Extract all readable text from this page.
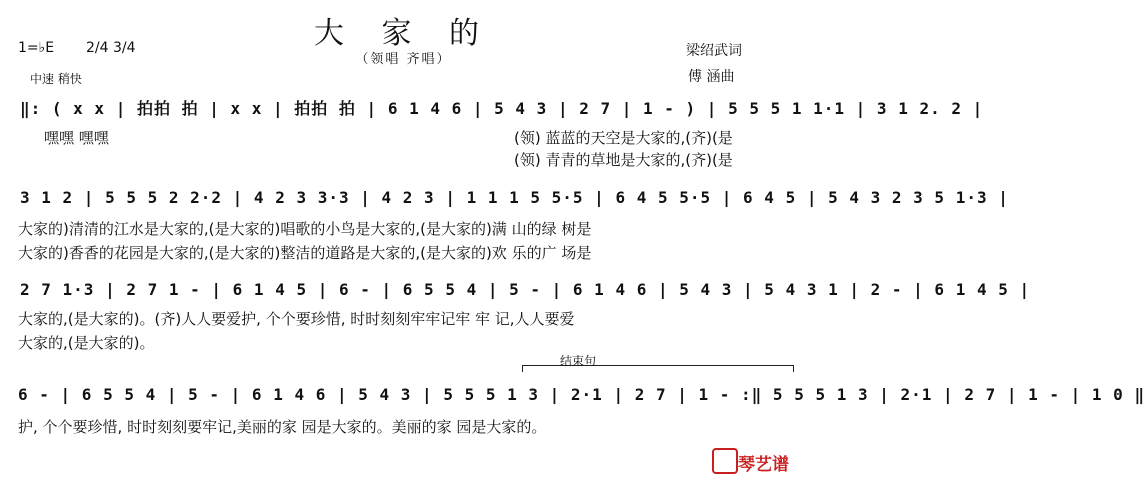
大 家 的
（领唱 齐唱）
1=♭E 2/4 3/4
中速 稍快
梁绍武词
傅 涵曲
‖: ( x x | 拍拍 拍 | x x | 拍拍 拍 | 6 1 4 6 | 5 4 3 | 2 7 | 1 - ) | 5 5 5 1 1·1 | 3 1 2. 2 |
嘿嘿 嘿嘿	(领) 蓝蓝的天空是大家的,(齐)(是
(领) 青青的草地是大家的,(齐)(是
3 1 2 | 5 5 5 2 2·2 | 4 2 3 3·3 | 4 2 3 | 1 1 1 5 5·5 | 6 4 5 5·5 | 6 4 5 | 5 4 3 2 3 5 1·3 |
大家的)清清的江水是大家的,(是大家的)唱歌的小鸟是大家的,(是大家的)满 山的绿 树是
大家的)香香的花园是大家的,(是大家的)整洁的道路是大家的,(是大家的)欢 乐的广 场是
2 7 1·3 | 2 7 1 - | 6 1 4 5 | 6 - | 6 5 5 4 | 5 - | 6 1 4 6 | 5 4 3 | 5 4 3 1 | 2 - | 6 1 4 5 |
大家的,(是大家的)。(齐)人人要爱护, 个个要珍惜, 时时刻刻牢牢记牢 牢 记,人人要爱
大家的,(是大家的)。
结束句
6 - | 6 5 5 4 | 5 - | 6 1 4 6 | 5 4 3 | 5 5 5 1 3 | 2·1 | 2 7 | 1 - :‖ 5 5 5 1 3 | 2·1 | 2 7 | 1 - | 1 0 ‖
护, 个个要珍惜, 时时刻刻要牢记,美丽的家 园是大家的。美丽的家 园是大家的。
琴艺谱
